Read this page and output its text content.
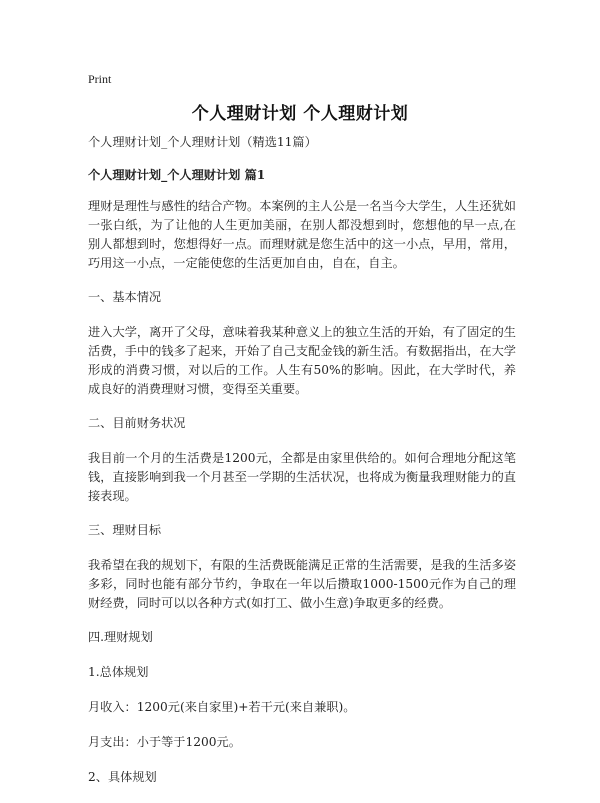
Print
个人理财计划 个人理财计划

个人理财计划_个人理财计划（精选11篇）

个人理财计划_个人理财计划 篇1

理财是理性与感性的结合产物。本案例的主人公是一名当今大学生，人生还犹如一张白纸，为了让他的人生更加美丽，在别人都没想到时，您想他的早一点,在别人都想到时，您想得好一点。而理财就是您生活中的这一小点，早用，常用，巧用这一小点，一定能使您的生活更加自由，自在，自主。

一、基本情况

进入大学，离开了父母，意味着我某种意义上的独立生活的开始，有了固定的生活费，手中的钱多了起来，开始了自己支配金钱的新生活。有数据指出，在大学形成的消费习惯，对以后的工作。人生有50%的影响。因此，在大学时代，养成良好的消费理财习惯，变得至关重要。

二、目前财务状况

我目前一个月的生活费是1200元，全都是由家里供给的。如何合理地分配这笔钱，直接影响到我一个月甚至一学期的生活状况，也将成为衡量我理财能力的直接表现。

三、理财目标

我希望在我的规划下，有限的生活费既能满足正常的生活需要，是我的生活多姿多彩，同时也能有部分节约，争取在一年以后攒取1000-1500元作为自己的理财经费，同时可以以各种方式(如打工、做小生意)争取更多的经费。

四.理财规划

1.总体规划

月收入：1200元(来自家里)+若干元(来自兼职)。

月支出：小于等于1200元。

2、具体规划
